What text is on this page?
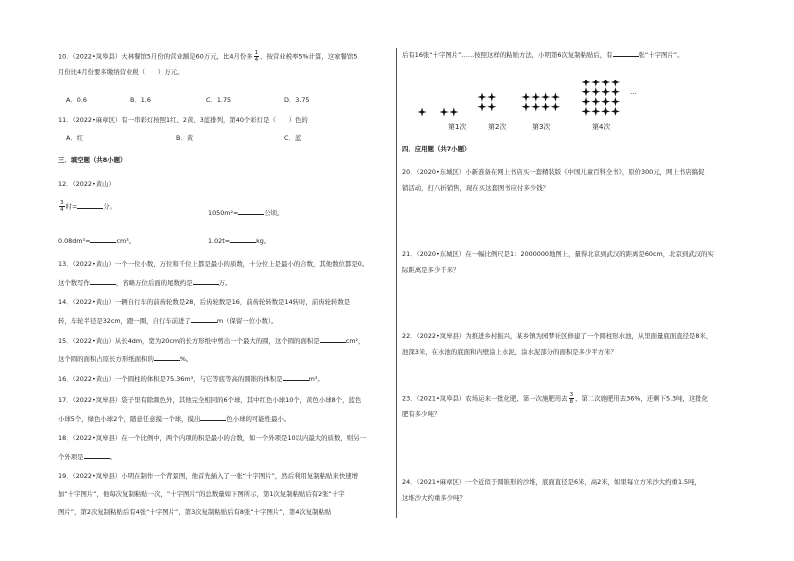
10．（2022•岚皋县）大林餐馆5月份的营业额是60万元，比4月份多 $\frac{1}{4}$ ，按营业税率5%计算，这家餐馆5
月份比4月份要多缴纳营业税（　　）万元。
A．0.6	B．1.6	C．1.75	D．3.75
11．（2022•麻章区）有一串彩灯按照1红、2黄、3蓝排列，第40个彩灯是（　　）色的
A．红	B．黄	C．蓝
三．填空题（共8小题）
12．（2022•黄山）
$\frac{3}{4}$ 时=	分。
1050m²=	公顷。
0.08dm³=	cm³。	1.02t=	kg。
13．（2022•黄山）一个一位小数，万位和千位上都是最小的质数，十分位上是最小的合数，其他数位都是0。
这个数写作	，省略万位后面的尾数约是	万。
14．（2022•黄山）一辆自行车的前齿轮数是28，后齿轮数是16，前齿轮转数是14转时，前齿轮转数是
转，车轮半径是32cm，蹬一圈，自行车前进了	m（保留一位小数）。
15．（2022•黄山）从长4dm，宽为20cm的长方形纸中剪出一个最大的圆，这个圆的面积是	cm²，
这个圆的面积占原长方形纸面积的	%。
16．（2022•黄山）一个圆柱的体积是75.36m³，与它等底等高的圆锥的体积是	m³。
17．（2022•岚皋县）袋子里有除颜色外，其他完全相同的6个球，其中红色小球10个，黄色小球8个，蓝色
小球5个，绿色小球2个，随意任意摸一个球，摸出	色小球的可能性最小。
18．（2022•岚皋县）在一个比例中，两个内项的积是最小的合数，如一个外项是10以内最大的质数，则另一
个外项是	。
19．（2022•岚皋县）小明在制作一个背景图，他首先插入了一张“十字图片”，然后利用复制粘贴来快速增
加“十字图片”，他每次复制粘贴一次，“十字图片”的总数量如下图所示，第1次复制粘贴后有2张“十字
图片”，第2次复制粘贴后有4张“十字图片”，第3次复制粘贴后有8张“十字图片”，第4次复制粘贴
后有16张“十字图片”……按照这样的粘贴方法，小明第6次复制粘贴后，有	张“十字图片”。
第1次	第2次	第3次	第4次
…
四．应用题（共7小题）
20．（2020•东城区）小新准备在网上书店买一套精装版《中国儿童百科全书》，原价300元，网上书店搞促
销活动，打八折销售，现在买这套图书应付多少钱？
21．（2020•东城区）在一幅比例尺是1：2000000地图上，量得北京到武汉的距离是60cm，北京到武汉的实
际距离是多少千米？
22．（2022•岚皋县）为推进乡村振兴，某乡镇为园梦社区修建了一个圆柱形水池，从里面量底面直径是8米，
池深3米，在水池的底面和内壁涂上水泥，涂水泥部分的面积是多少平方米？
23．（2021•岚皋县）农场运来一批化肥，第一次施肥用去 $\frac{3}{8}$ ，第二次施肥用去36%，还剩下5.3吨，这批化
肥有多少吨？
24．（2021•麻章区）一个近似于圆锥形的沙堆，底面直径是6米，高2米，如果每立方米沙大约重1.5吨，
这堆沙大约重多少吨？
